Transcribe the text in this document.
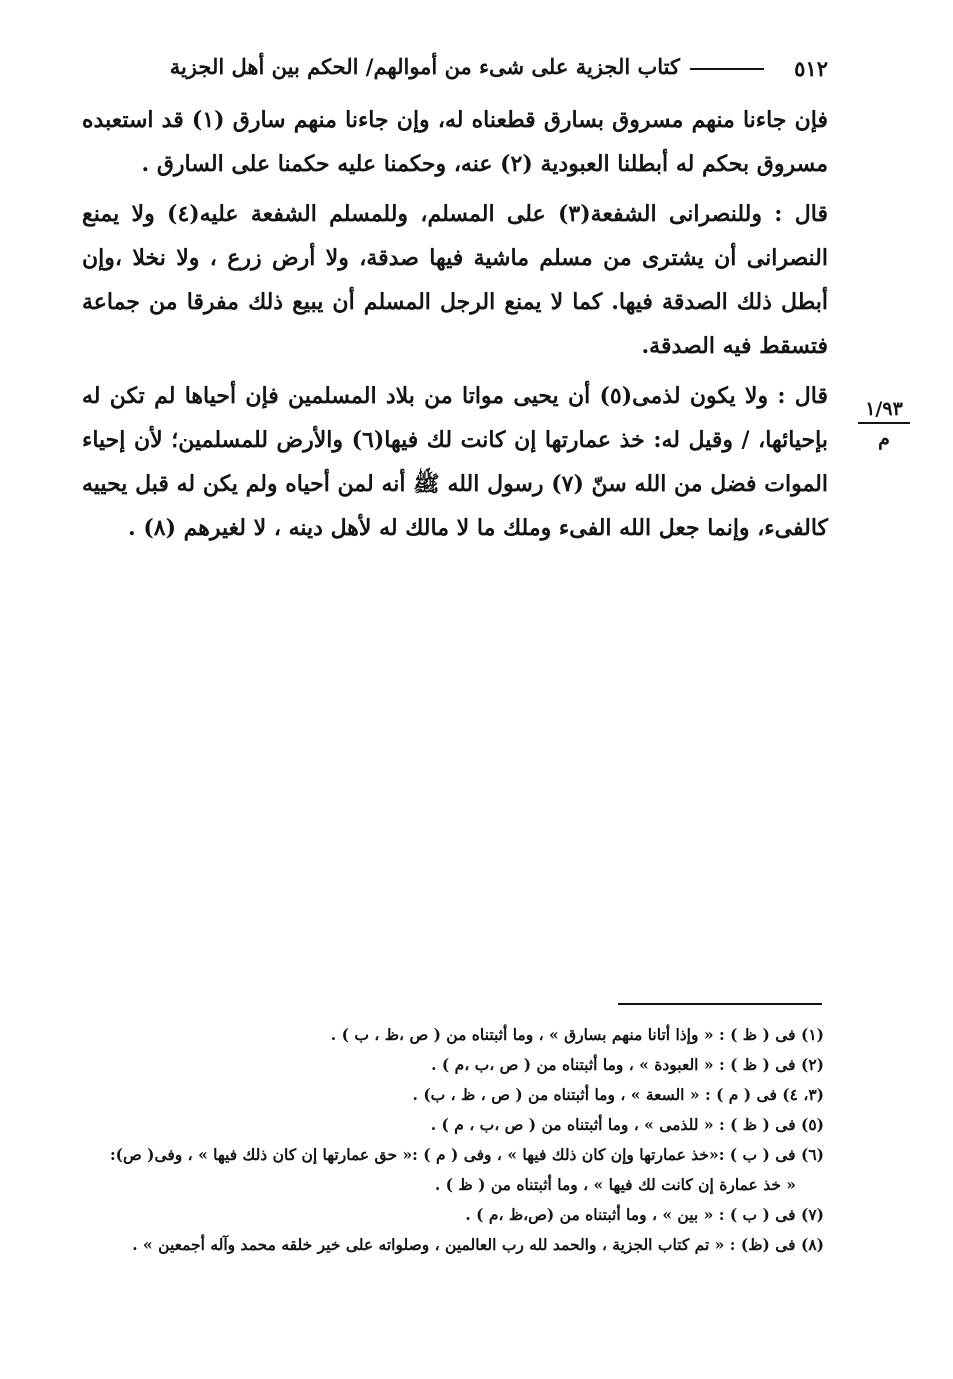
٥١٢
كتاب الجزية على شىء من أموالهم/ الحكم بين أهل الجزية

فإن جاءنا منهم مسروق بسارق قطعناه له، وإن جاءنا منهم سارق (١) قد استعبده مسروق بحكم له أبطلنا العبودية (٢) عنه، وحكمنا عليه حكمنا على السارق .

قال : وللنصرانى الشفعة(٣) على المسلم، وللمسلم الشفعة عليه(٤) ولا يمنع النصرانى أن يشترى من مسلم ماشية فيها صدقة، ولا أرض زرع ، ولا نخلا ،وإن أبطل ذلك الصدقة فيها. كما لا يمنع الرجل المسلم أن يبيع ذلك مفرقا من جماعة فتسقط فيه الصدقة.

قال : ولا يكون لذمى(٥) أن يحيى مواتا من بلاد المسلمين فإن أحياها لم تكن له بإحيائها، / وقيل له: خذ عمارتها إن كانت لك فيها(٦) والأرض للمسلمين؛ لأن إحياء الموات فضل من الله سنّ (٧) رسول الله ﷺ أنه لمن أحياه ولم يكن له قبل يحييه كالفىء، وإنما جعل الله الفىء وملك ما لا مالك له لأهل دينه ، لا لغيرهم (٨) .

١/٩٣
م
(١) فى ( ظ ) : « وإذا أتانا منهم بسارق » ، وما أثبتناه من ( ص ،ظ ، ب ) .
(٢) فى ( ظ ) : « العبودة » ، وما أثبتناه من ( ص ،ب ،م ) .
(٣، ٤) فى ( م ) : « السعة » ، وما أثبتناه من ( ص ، ظ ، ب) .
(٥) فى ( ظ ) : « للذمى » ، وما أثبتناه من ( ص ،ب ، م ) .
(٦) فى ( ب ) :«خذ عمارتها وإن كان ذلك فيها » ، وفى ( م ) :« حق عمارتها إن كان ذلك فيها » ، وفى( ص):
« خذ عمارة إن كانت لك فيها » ، وما أثبتناه من ( ظ ) .
(٧) فى ( ب ) : « بين » ، وما أثبتناه من (ص،ظ ،م ) .
(٨) فى (ظ) : « تم كتاب الجزية ، والحمد لله رب العالمين ، وصلواته على خير خلقه محمد وآله أجمعين » .
